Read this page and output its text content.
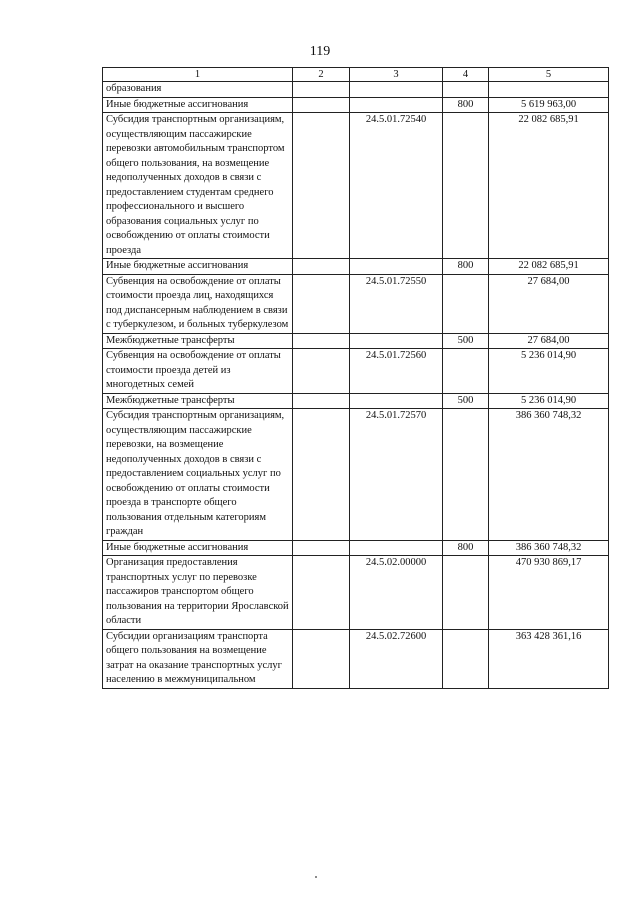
119
1	2	3	4	5
образования				
Иные бюджетные ассигнования			800	5 619 963,00
Субсидия транспортным организациям, осуществляющим пассажирские перевозки автомобильным транспортом общего пользования, на возмещение недополученных доходов в связи с предоставлением студентам среднего профессионального и высшего образования социальных услуг по освобождению от оплаты стоимости проезда		24.5.01.72540		22 082 685,91
Иные бюджетные ассигнования			800	22 082 685,91
Субвенция на освобождение от оплаты стоимости проезда лиц, находящихся под диспансерным наблюдением в связи с туберкулезом, и больных туберкулезом		24.5.01.72550		27 684,00
Межбюджетные трансферты			500	27 684,00
Субвенция на освобождение от оплаты стоимости проезда детей из многодетных семей		24.5.01.72560		5 236 014,90
Межбюджетные трансферты			500	5 236 014,90
Субсидия транспортным организациям, осуществляющим пассажирские перевозки, на возмещение недополученных доходов в связи с предоставлением социальных услуг по освобождению от оплаты стоимости проезда в транспорте общего пользования отдельным категориям граждан		24.5.01.72570		386 360 748,32
Иные бюджетные ассигнования			800	386 360 748,32
Организация предоставления транспортных услуг по перевозке пассажиров транспортом общего пользования на территории Ярославской области		24.5.02.00000		470 930 869,17
Субсидии организациям транспорта общего пользования на возмещение затрат на оказание транспортных услуг населению в межмуниципальном		24.5.02.72600		363 428 361,16
